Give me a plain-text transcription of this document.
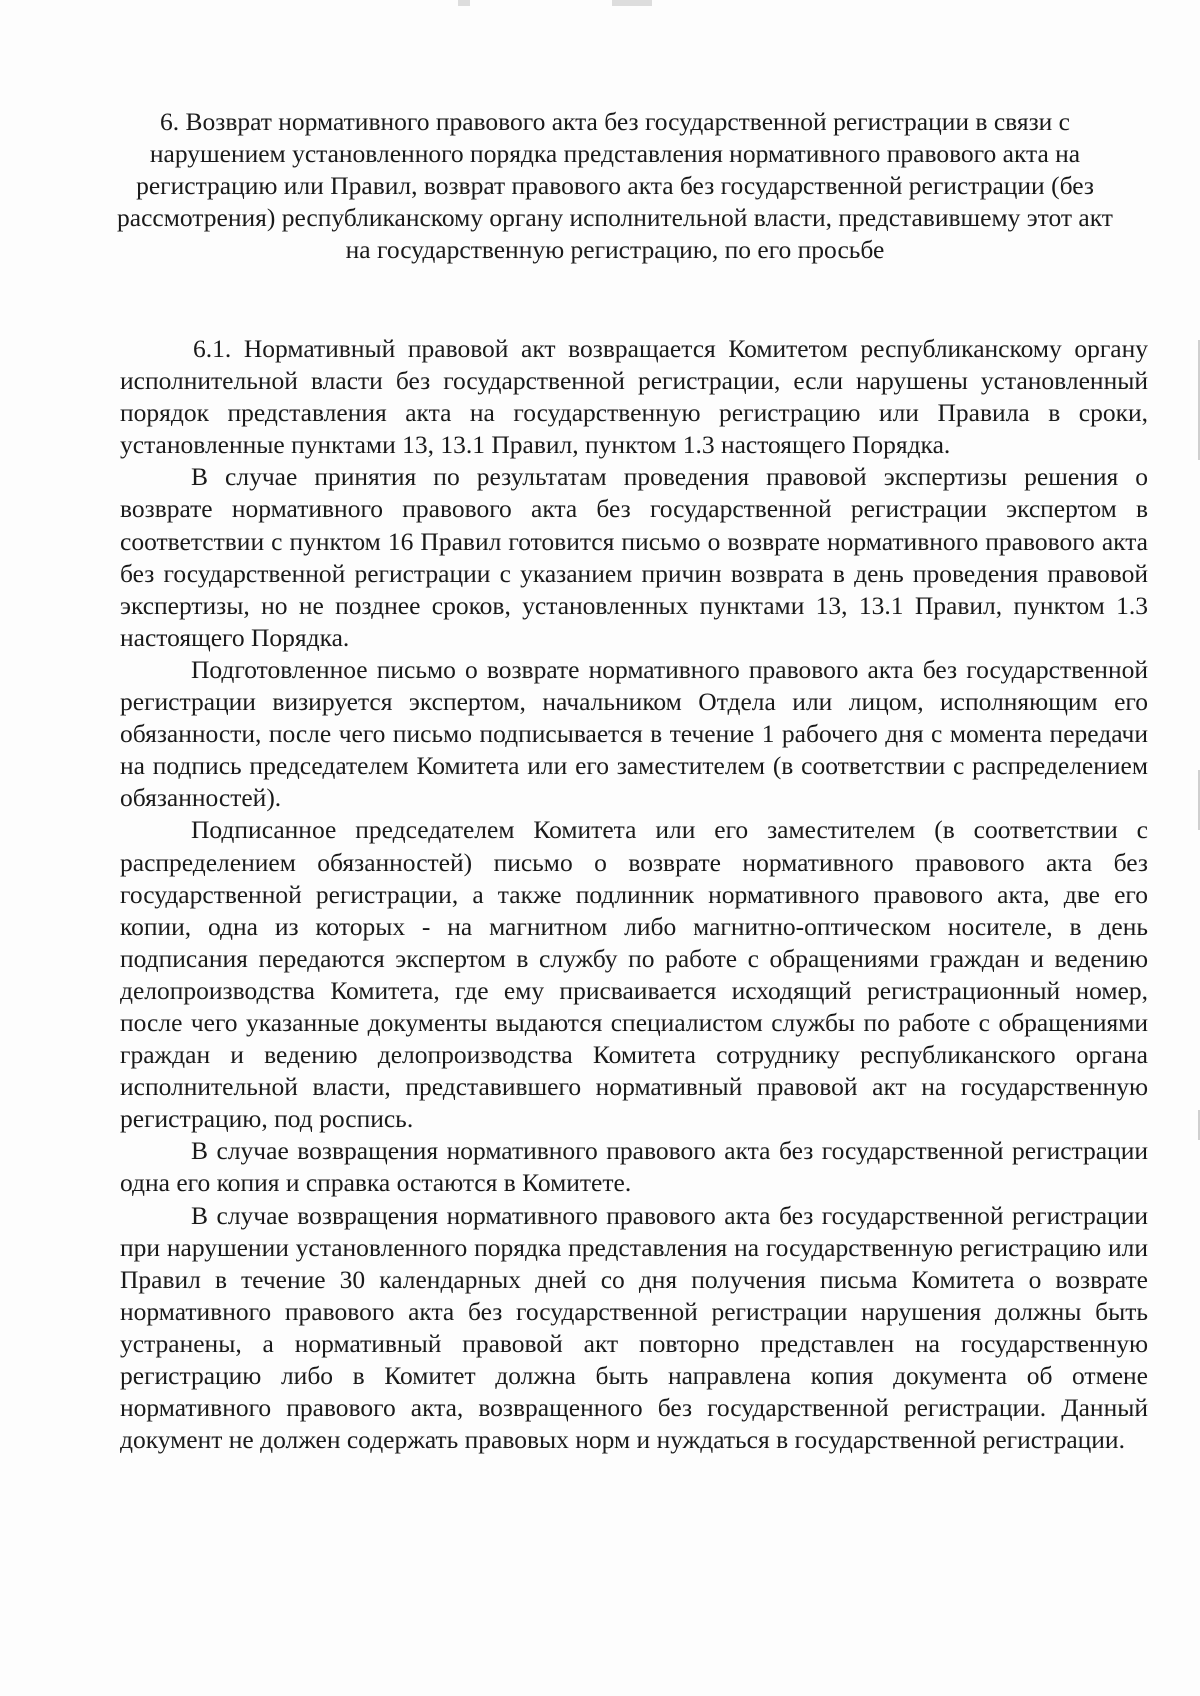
6. Возврат нормативного правового акта без государственной регистрации в связи с нарушением установленного порядка представления нормативного правового акта на регистрацию или Правил, возврат правового акта без государственной регистрации (без рассмотрения) республиканскому органу исполнительной власти, представившему этот акт на государственную регистрацию, по его просьбе

6.1. Нормативный правовой акт возвращается Комитетом республиканскому органу исполнительной власти без государственной регистрации, если нарушены установленный порядок представления акта на государственную регистрацию или Правила в сроки, установленные пунктами 13, 13.1 Правил, пунктом 1.3 настоящего Порядка.

В случае принятия по результатам проведения правовой экспертизы решения о возврате нормативного правового акта без государственной регистрации экспертом в соответствии с пунктом 16 Правил готовится письмо о возврате нормативного правового акта без государственной регистрации с указанием причин возврата в день проведения правовой экспертизы, но не позднее сроков, установленных пунктами 13, 13.1 Правил, пунктом 1.3 настоящего Порядка.

Подготовленное письмо о возврате нормативного правового акта без государственной регистрации визируется экспертом, начальником Отдела или лицом, исполняющим его обязанности, после чего письмо подписывается в течение 1 рабочего дня с момента передачи на подпись председателем Комитета или его заместителем (в соответствии с распределением обязанностей).

Подписанное председателем Комитета или его заместителем (в соответствии с распределением обязанностей) письмо о возврате нормативного правового акта без государственной регистрации, а также подлинник нормативного правового акта, две его копии, одна из которых - на магнитном либо магнитно-оптическом носителе, в день подписания передаются экспертом в службу по работе с обращениями граждан и ведению делопроизводства Комитета, где ему присваивается исходящий регистрационный номер, после чего указанные документы выдаются специалистом службы по работе с обращениями граждан и ведению делопроизводства Комитета сотруднику республиканского органа исполнительной власти, представившего нормативный правовой акт на государственную регистрацию, под роспись.

В случае возвращения нормативного правового акта без государственной регистрации одна его копия и справка остаются в Комитете.

В случае возвращения нормативного правового акта без государственной регистрации при нарушении установленного порядка представления на государственную регистрацию или Правил в течение 30 календарных дней со дня получения письма Комитета о возврате нормативного правового акта без государственной регистрации нарушения должны быть устранены, а нормативный правовой акт повторно представлен на государственную регистрацию либо в Комитет должна быть направлена копия документа об отмене нормативного правового акта, возвращенного без государственной регистрации. Данный документ не должен содержать правовых норм и нуждаться в государственной регистрации.
